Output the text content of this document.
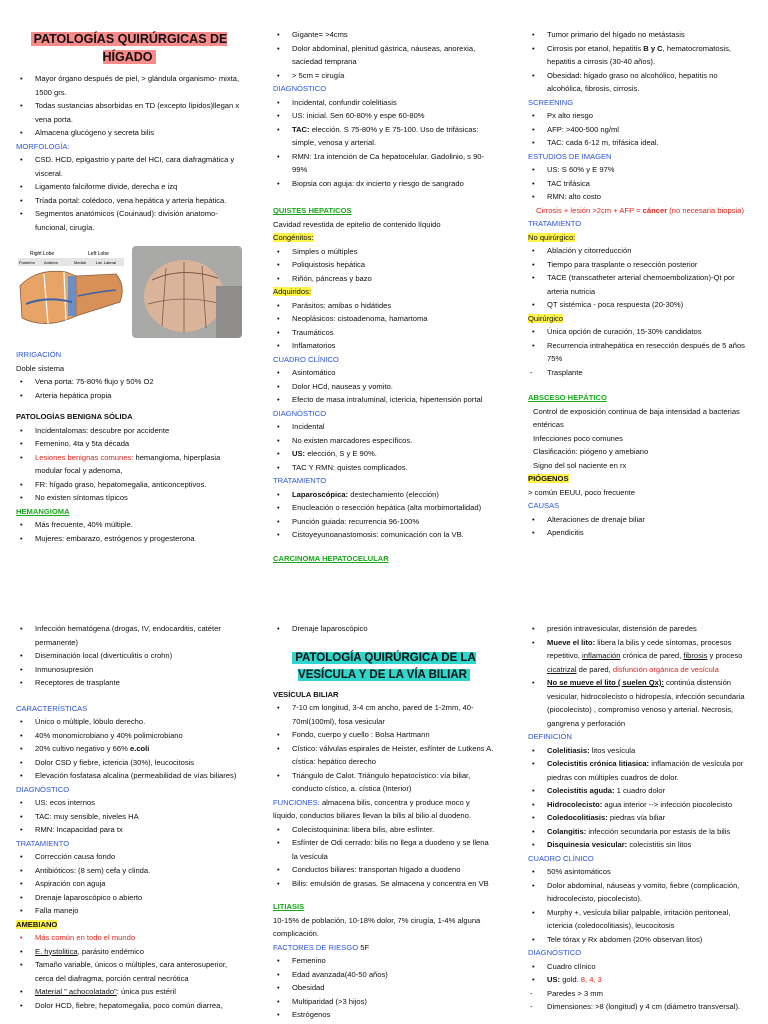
PATOLOGÍAS QUIRÚRGICAS DE HÍGADO
• Mayor órgano después de piel, > glándula organismo- mixta, 1500 grs.
• Todas sustancias absorbidas en TD (excepto lípidos)llegan x vena porta.
• Almacena glucógeno y secreta bilis
MORFOLOGÍA:
• CSD. HCD, epigastrio y parte del HCI, cara diafragmática y visceral.
• Ligamento falciforme divide, derecha e izq
• Tríada portal: colédoco, vena hepática y arteria hepática.
• Segmentos anatómicos (Couinaud): división anatomo-funcional, cirugía.
Right Lobe	Left Lobe
Posterior Anterior	Medial	Lat. Lateral
IRRIGACIÓN
Doble sistema
• Vena porta: 75-80% flujo y 50% O2
• Arteria hepática propia
PATOLOGÍAS BENIGNA SÓLIDA
• Incidentalomas: descubre por accidente
• Femenino, 4ta y 5ta década
• Lesiones benignas comunes: hemangioma, hiperplasia modular focal y adenoma,
• FR: hígado graso, hepatomegalia, anticonceptivos.
• No existen síntomas típicos
HEMANGIOMA
• Más frecuente, 40% múltiple.
• Mujeres: embarazo, estrógenos y progesterona
• Gigante= >4cms
• Dolor abdominal, plenitud gástrica, náuseas, anorexia, saciedad temprana
• > 5cm = cirugía
DIAGNÓSTICO
• Incidental, confundir colelitiasis
• US: inicial. Sen 60-80% y espe 60-80%
• TAC: elección. S 75-80% y E 75-100. Uso de trifásicas: simple, venosa y arterial.
• RMN: 1ra intención de Ca hepatocelular. Gadolinio, s 90-99%
• Biopsia con aguja: dx incierto y riesgo de sangrado
QUISTES HEPATICOS
Cavidad revestida de epitelio de contenido líquido
Congénitos:
• Simples o múltiples
• Poliquistosis hepática
• Riñón, páncreas y bazo
Adquiridos:
• Parásitos: amibas o hidátides
• Neoplásicos: cistoadenoma, hamartoma
• Traumáticos
• Inflamatorios
CUADRO CLÍNICO
• Asintomático
• Dolor HCd, nauseas y vomito.
• Efecto de masa intraluminal, ictericia, hipertensión portal
DIAGNÓSTICO
• Incidental
• No existen marcadores específicos.
• US: elección, S y E 90%.
• TAC Y RMN: quistes complicados.
TRATAMIENTO
• Laparoscópica: destechamiento (elección)
• Enucleación o resección hepática (alta morbimortalidad)
• Punción guiada: recurrencia 96-100%
• Cistoyeyunoanastomosis: comunicación con la VB.
CARCINOMA HEPATOCELULAR
• Tumor primario del hígado no metástasis
• Cirrosis por etanol, hepatitis B y C, hematocromatosis, hepatitis a cirrosis (30-40 años).
• Obesidad: hígado graso no alcohólico, hepatitis no alcohólica, fibrosis, cirrosis.
SCREENING
• Px alto riesgo
• AFP: >400-500 ng/ml
• TAC: cada 6-12 m, trifásica ideal.
ESTUDIOS DE IMAGEN
• US: S 60% y E 97%
• TAC trifásica
• RMN: alto costo
Cirrosis + lesión >2cm + AFP = cáncer (no necesaria biopsia)
TRATAMIENTO
No quirúrgico:
• Ablación y citorreducción
• Tiempo para trasplante o resección posterior
• TACE (transcatheter arterial chemoembolization)-Qt por arteria nutricia
• QT sistémica - poca respuesta (20-30%)
Quirúrgico
• Única opción de curación, 15-30% candidatos
• Recurrencia intrahepática en resección después de 5 años 75%
- Trasplante
ABSCESO HEPÁTICO
• Control de exposición continua de baja intensidad a bacterias entéricas
• Infecciones poco comunes
• Clasificación: piógeno y amebiano
• Signo del sol naciente en rx
PIÓGENOS
> común EEUU, poco frecuente
CAUSAS
• Alteraciones de drenaje biliar
• Apendicitis
• Infección hematógena (drogas, IV, endocarditis, catéter permanente)
• Diseminación local (diverticulitis o crohn)
• Inmunosupresión
• Receptores de trasplante
CARACTERÍSTICAS
• Único o múltiple, lóbulo derecho.
• 40% monomicrobiano y 40% polimicrobiano
• 20% cultivo negativo y 66% e.coli
• Dolor CSD y fiebre, ictericia (30%), leucocitosis
• Elevación fosfatasa alcalina (permeabilidad de vías biliares)
DIAGNÓSTICO
• US: ecos internos
• TAC: muy sensible, niveles HA
• RMN: Incapacidad para tx
TRATAMIENTO
• Corrección causa fondo
• Antibióticos: (8 sem) cefa y clinda.
• Aspiración con aguja
• Drenaje laparoscópico o abierto
• Falla manejo
AMEBIANO
• Más común en todo el mundo
• E. hystolitica, parásito endémico
• Tamaño variable, únicos o múltiples, cara anterosuperior, cerca del diafragma, porción central necrótica
• Material " achocolatado": única pus estéril
• Dolor HCD, fiebre, hepatomegalia, poco común diarrea,
• Drenaje laparoscópico
PATOLOGÍA QUIRÚRGICA DE LA VESÍCULA Y DE LA VÍA BILIAR
VESÍCULA BILIAR
• 7-10 cm longitud, 3-4 cm ancho, pared de 1-2mm, 40-70ml(100ml), fosa vesicular
• Fondo, cuerpo y cuello : Bolsa Hartmann
• Cístico: válvulas espirales de Heister, esfínter de Lutkens A. cística: hepático derecho
• Triángulo de Calot. Triángulo hepatocístico: vía biliar, conducto cístico, a. cística (Interior)
FUNCIONES: almacena bilis, concentra y produce moco y líquido, conductos biliares llevan la bilis al bilio al duodeno.
• Colecistoquinina: libera bilis, abre esfínter.
• Esfínter de Odi cerrado: bilis no llega a duodeno y se llena la vesícula
• Conductos biliares: transportan hígado a duodeno
• Bilis: emulsión de grasas. Se almacena y concentra en VB
LITIASIS
10-15% de población, 10-18% dolor, 7% cirugía, 1-4% alguna complicación.
FACTORES DE RIESGO 5F
• Femenino
• Edad avanzada(40-50 años)
• Obesidad
• Multiparidad (>3 hijos)
• Estrógenos
• presión intravesicular, distensión de paredes
• Mueve el lito: libera la bilis y cede síntomas, procesos repetitivo, inflamación crónica de pared, fibrosis y proceso cicatrizal de pared, disfunción orgánica de vesícula
• No se mueve el lito ( suelen Qx): continúa distensión vesicular, hidrocolecisto o hidropesía, infección secundaria (piocolecisto) , compromiso venoso y arterial. Necrosis, gangrena y perforación
DEFINICIÓN
• Colelitiasis: litos vesícula
• Colecistitis crónica litiasica: inflamación de vesícula por piedras con múltiples cuadros de dolor.
• Colecistitis aguda: 1 cuadro dolor
• Hidrocolecisto: agua interior --> infección piocolecisto
• Coledocolitiasis: piedras vía biliar
• Colangitis: infección secundaria por estasis de la bilis
• Disquinesia vesicular: colecistitis sin litos
CUADRO CLÍNICO
• 50% asintomáticos
• Dolor abdominal, náuseas y vomito, fiebre (complicación, hidrocolecisto, piocolecisto).
• Murphy +, vesícula biliar palpable, irritación peritoneal, ictericia (coledocolitiasis), leucocitosis
• Tele tórax y Rx abdomen (20% observan litos)
DIAGNÓSTICO
• Cuadro clínico
• US: gold. 8, 4, 3
- Paredes > 3 mm
- Dimensiones: >8 (longitud) y 4 cm (diámetro transversal).
